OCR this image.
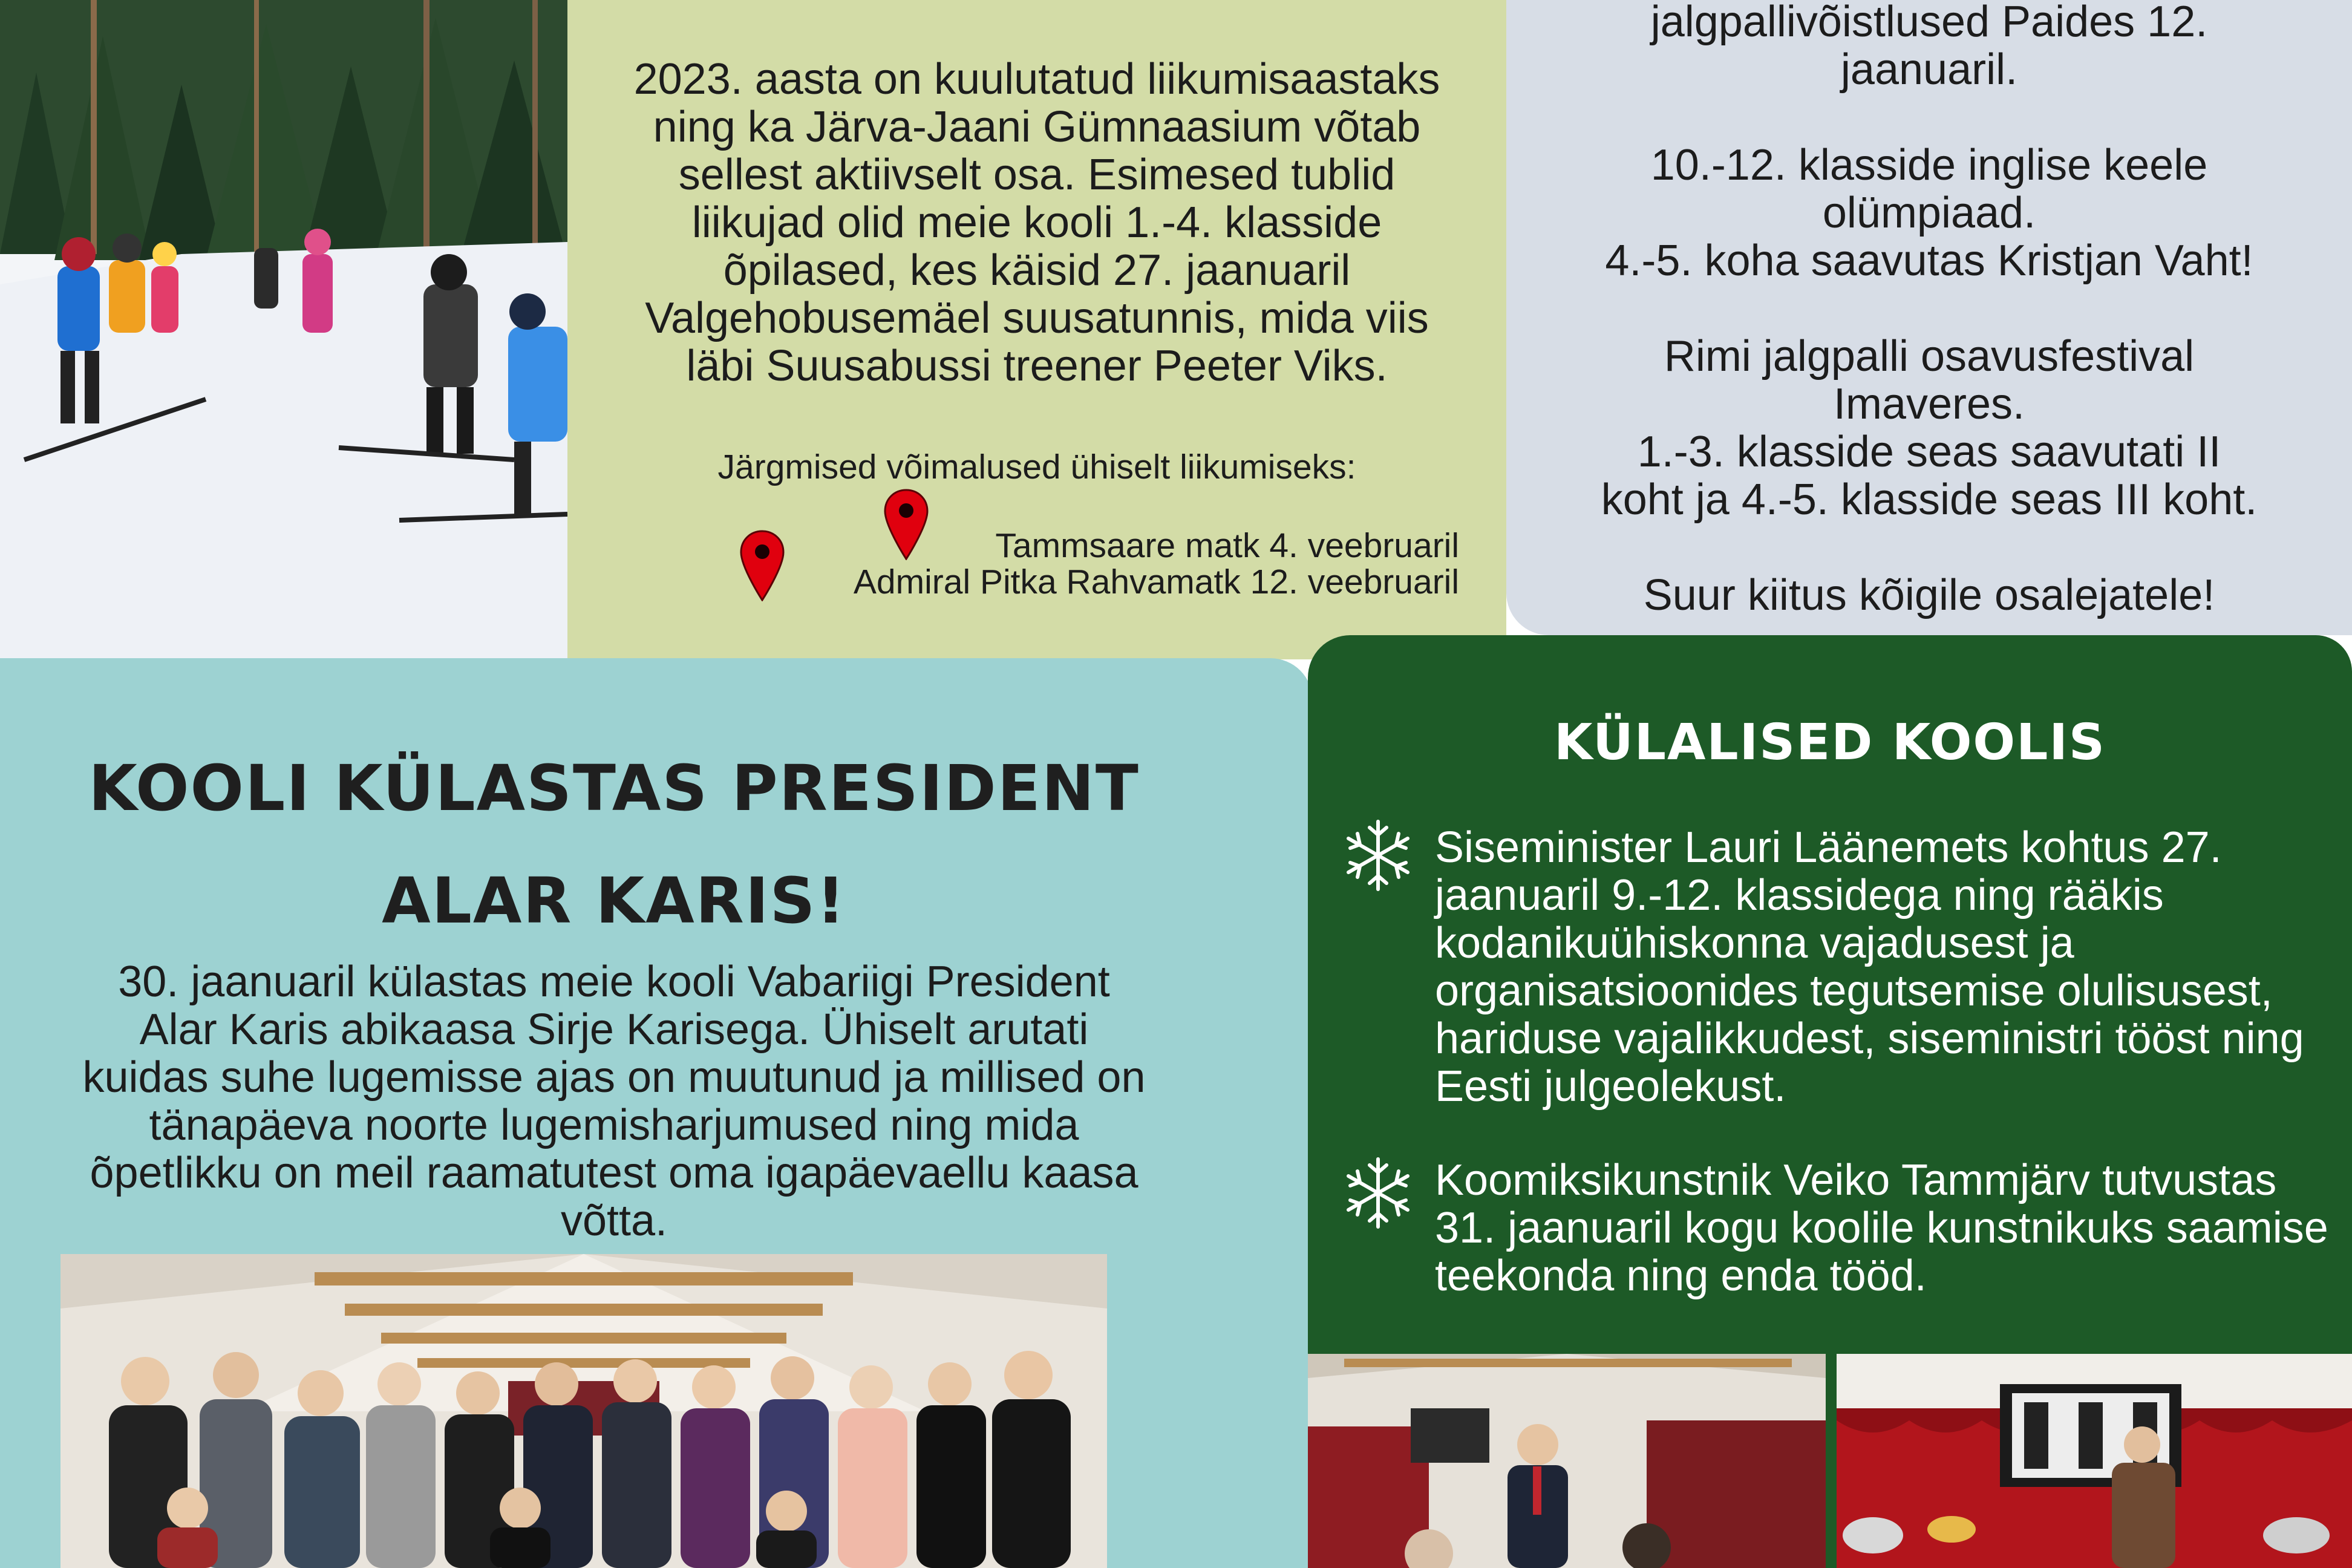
2023. aasta on kuulutatud liikumisaastaks ning ka Järva-Jaani Gümnaasium võtab sellest aktiivselt osa. Esimesed tublid liikujad olid meie kooli 1.-4. klasside õpilased, kes käisid 27. jaanuaril Valgehobusemäel suusatunnis, mida viis läbi Suusabussi treener Peeter Viks.

Järgmised võimalused ühiselt liikumiseks:

Tammsaare matk 4. veebruaril

Admiral Pitka Rahvamatk 12. veebruaril

jalgpallivõistlused Paides 12.

jaanuaril.

10.-12. klasside inglise keele

olümpiaad.

4.-5. koha saavutas Kristjan Vaht!

Rimi jalgpalli osavusfestival

Imaveres.

1.-3. klasside seas saavutati II

koht ja 4.-5. klasside seas III koht.

Suur kiitus kõigile osalejatele!

KOOLI KÜLASTAS PRESIDENT
ALAR KARIS!

30. jaanuaril külastas meie kooli Vabariigi President Alar Karis abikaasa Sirje Karisega. Ühiselt arutati kuidas suhe lugemisse ajas on muutunud ja millised on tänapäeva noorte lugemisharjumused ning mida õpetlikku on meil raamatutest oma igapäevaellu kaasa võtta.

KÜLALISED KOOLIS

Siseminister Lauri Läänemets kohtus 27. jaanuaril 9.-12. klassidega ning rääkis kodanikuühiskonna vajadusest ja organisatsioonides tegutsemise olulisusest, hariduse vajalikkudest, siseministri tööst ning Eesti julgeolekust.

Koomiksikunstnik Veiko Tammjärv tutvustas 31. jaanuaril kogu koolile kunstnikuks saamise teekonda ning enda tööd.
